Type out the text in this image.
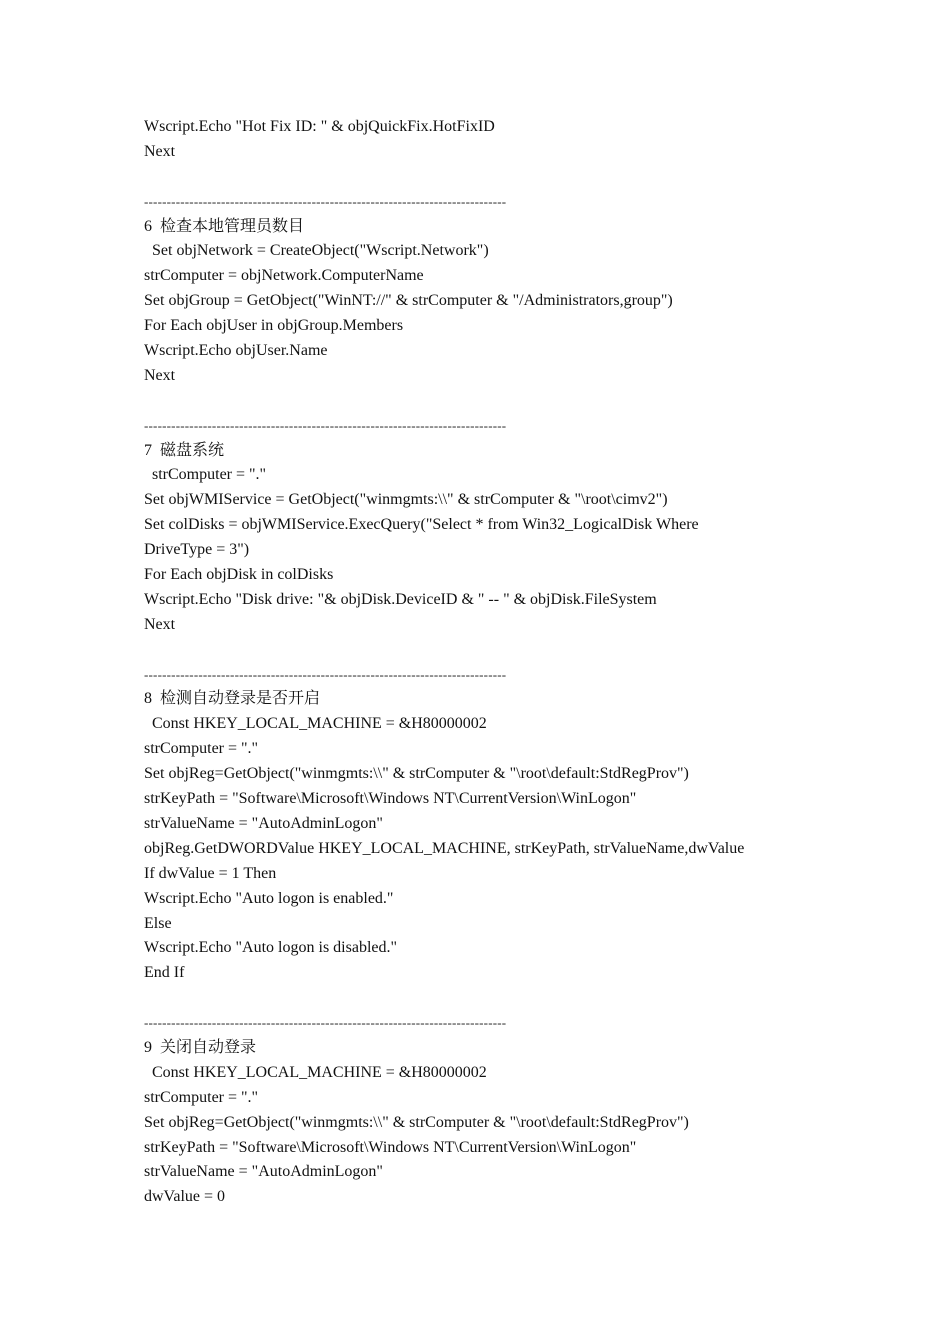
Wscript.Echo "Hot Fix ID: " & objQuickFix.HotFixID
Next
--------------------------------------------------------------------------------
6  检查本地管理员数目
Set objNetwork = CreateObject("Wscript.Network")
strComputer = objNetwork.ComputerName
Set objGroup = GetObject("WinNT://" & strComputer & "/Administrators,group")
For Each objUser in objGroup.Members
Wscript.Echo objUser.Name
Next
--------------------------------------------------------------------------------
7  磁盘系统
strComputer = "."
Set objWMIService = GetObject("winmgmts:\\" & strComputer & "\root\cimv2")
Set colDisks = objWMIService.ExecQuery("Select * from Win32_LogicalDisk Where
DriveType = 3")
For Each objDisk in colDisks
Wscript.Echo "Disk drive: "& objDisk.DeviceID & " -- " & objDisk.FileSystem
Next
--------------------------------------------------------------------------------
8  检测自动登录是否开启
Const HKEY_LOCAL_MACHINE = &H80000002
strComputer = "."
Set objReg=GetObject("winmgmts:\\" & strComputer & "\root\default:StdRegProv")
strKeyPath = "Software\Microsoft\Windows NT\CurrentVersion\WinLogon"
strValueName = "AutoAdminLogon"
objReg.GetDWORDValue HKEY_LOCAL_MACHINE, strKeyPath, strValueName,dwValue
If dwValue = 1 Then
Wscript.Echo "Auto logon is enabled."
Else
Wscript.Echo "Auto logon is disabled."
End If
--------------------------------------------------------------------------------
9  关闭自动登录
Const HKEY_LOCAL_MACHINE = &H80000002
strComputer = "."
Set objReg=GetObject("winmgmts:\\" & strComputer & "\root\default:StdRegProv")
strKeyPath = "Software\Microsoft\Windows NT\CurrentVersion\WinLogon"
strValueName = "AutoAdminLogon"
dwValue = 0
